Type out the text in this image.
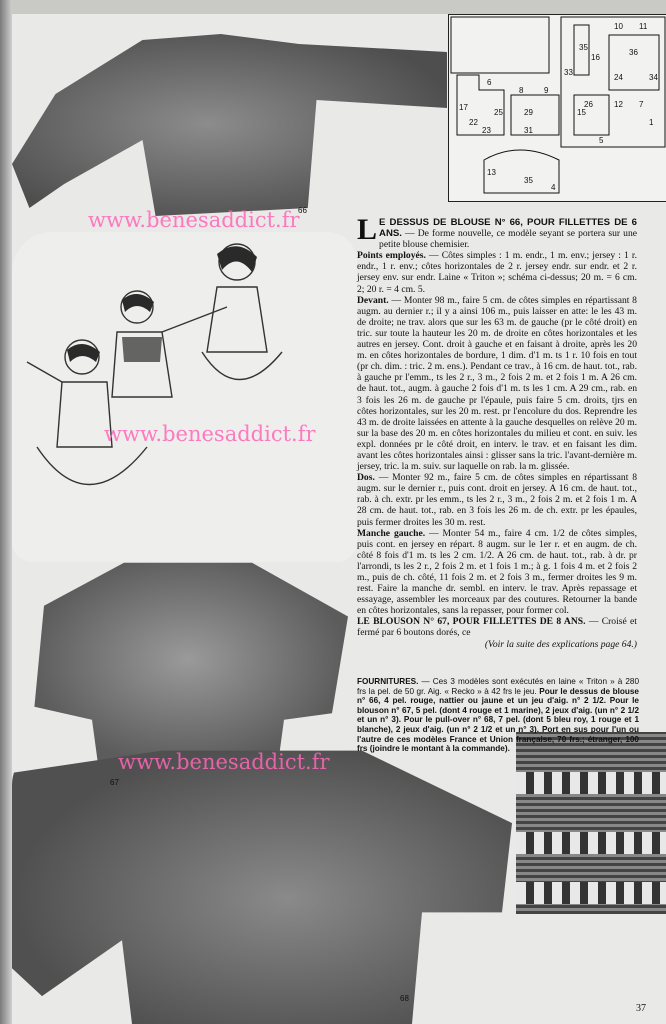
10 11
35
33
16
36
24	34
6
8	9
29
25
22
31
23
17
15
5
1
26	12 7
35
13
4
www.benesaddict.fr
www.benesaddict.fr
www.benesaddict.fr
66
67
68

L E DESSUS DE BLOUSE N° 66, POUR FILLETTES DE 6 ANS. — De forme nouvelle, ce modèle seyant se portera sur une petite blouse chemisier.

Points employés. — Côtes simples : 1 m. endr., 1 m. env.; jersey : 1 r. endr., 1 r. env.; côtes horizontales de 2 r. jersey endr. sur endr. et 2 r. jersey env. sur endr. Laine « Triton »; schéma ci-dessus; 20 m. = 6 cm. 2; 20 r. = 4 cm. 5.

Devant. — Monter 98 m., faire 5 cm. de côtes simples en répartissant 8 augm. au dernier r.; il y a ainsi 106 m., puis laisser en atte: le les 43 m. de droite; ne trav. alors que sur les 63 m. de gauche (pr le côté droit) en tric. sur toute la hauteur les 20 m. de droite en côtes horizontales et les autres en jersey. Cont. droit à gauche et en faisant à droite, après les 20 m. en côtes horizontales de bordure, 1 dim. d'1 m. ts 1 r. 10 fois en tout (pr ch. dim. : tric. 2 m. ens.). Pendant ce trav., à 16 cm. de haut. tot., rab. à gauche pr l'emm., ts les 2 r., 3 m., 2 fois 2 m. et 2 fois 1 m. A 26 cm. de haut. tot., augm. à gauche 2 fois d'1 m. ts les 1 cm. A 29 cm., rab. en 3 fois les 26 m. de gauche pr l'épaule, puis faire 5 cm. droits, tjrs en côtes horizontales, sur les 20 m. rest. pr l'encolure du dos. Reprendre les 43 m. de droite laissées en attente à la gauche desquelles on relève 20 m. sur la base des 20 m. en côtes horizontales du milieu et cont. en suiv. les expl. données pr le côté droit, en interv. le trav. et en faisant les dim. avant les côtes horizontales ainsi : glisser sans la tric. l'avant-dernière m. jersey, tric. la m. suiv. sur laquelle on rab. la m. glissée.

Dos. — Monter 92 m., faire 5 cm. de côtes simples en répartissant 8 augm. sur le dernier r., puis cont. droit en jersey. A 16 cm. de haut. tot., rab. à ch. extr. pr les emm., ts les 2 r., 3 m., 2 fois 2 m. et 2 fois 1 m. A 28 cm. de haut. tot., rab. en 3 fois les 26 m. de ch. extr. pr les épaules, puis fermer droites les 30 m. rest.

Manche gauche. — Monter 54 m., faire 4 cm. 1/2 de côtes simples, puis cont. en jersey en répart. 8 augm. sur le 1er r. et en augm. de ch. côté 8 fois d'1 m. ts les 2 cm. 1/2. A 26 cm. de haut. tot., rab. à dr. pr l'arrondi, ts les 2 r., 2 fois 2 m. et 1 fois 1 m.; à g. 1 fois 4 m. et 2 fois 2 m., puis de ch. côté, 11 fois 2 m. et 2 fois 3 m., fermer droites les 9 m. rest. Faire la manche dr. sembl. en interv. le trav. Après repassage et essayage, assembler les morceaux par des coutures. Retourner la bande en côtes horizontales, sans la repasser, pour former col.

LE BLOUSON N° 67, POUR FILLETTES DE 8 ANS. — Croisé et fermé par 6 boutons dorés, ce

(Voir la suite des explications page 64.)

FOURNITURES. — Ces 3 modèles sont exécutés en laine « Triton » à 280 frs la pel. de 50 gr. Aig. « Recko » à 42 frs le jeu. Pour le dessus de blouse n° 66, 4 pel. rouge, nattier ou jaune et un jeu d'aig. n° 2 1/2. Pour le blouson n° 67, 5 pel. (dont 4 rouge et 1 marine), 2 jeux d'aig. (un n° 2 1/2 et un n° 3). Pour le pull-over n° 68, 7 pel. (dont 5 bleu roy, 1 rouge et 1 blanche), 2 jeux d'aig. (un n° 2 1/2 et un n° 3). Port en sus pour l'un ou l'autre de ces modèles France et Union française, 70 frs.; étranger, 100 frs (joindre le montant à la commande).
37
